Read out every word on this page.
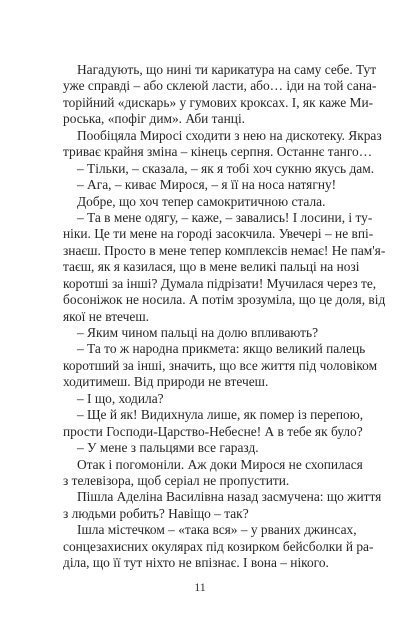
Нагадують, що нині ти карикатура на саму себе. Тут
уже справді – або склеюй ласти, або… іди на той сана-
торійний «дискарь» у гумових кроксах. І, як каже Ми-
роська, «пофіг дим». Аби танці.
Пообіцяла Миросі сходити з нею на дискотеку. Якраз
триває крайня зміна – кінець серпня. Останнє танго…
– Тільки, – сказала, – як я тобі хоч сукню якусь дам.
– Ага, – киває Мирося, – я її на носа натягну!
Добре, що хоч тепер самокритичною стала.
– Та в мене одягу, – каже, – завались! І лосини, і ту-
ніки. Це ти мене на городі засокчила. Увечері – не впі-
знаєш. Просто в мене тепер комплексів немає! Не пам'я-
таєш, як я казилася, що в мене великі пальці на нозі
коротші за інші? Думала підрізати! Мучилася через те,
босоніжок не носила. А потім зрозуміла, що це доля, від
якої не втечеш.
– Яким чином пальці на долю впливають?
– Та то ж народна прикмета: якщо великий палець
коротший за інші, значить, що все життя під чоловіком
ходитимеш. Від природи не втечеш.
– І що, ходила?
– Ще й як! Видихнула лише, як помер із перепою,
прости Господи-Царство-Небесне! А в тебе як було?
– У мене з пальцями все гаразд.
Отак і погомоніли. Аж доки Мирося не схопилася
з телевізора, щоб серіал не пропустити.
Пішла Аделіна Василівна назад засмучена: що життя
з людьми робить? Навіщо – так?
Ішла містечком – «така вся» – у рваних джинсах,
сонцезахисних окулярах під козирком бейсболки й ра-
діла, що її тут ніхто не впізнає. І вона – нікого.
11
